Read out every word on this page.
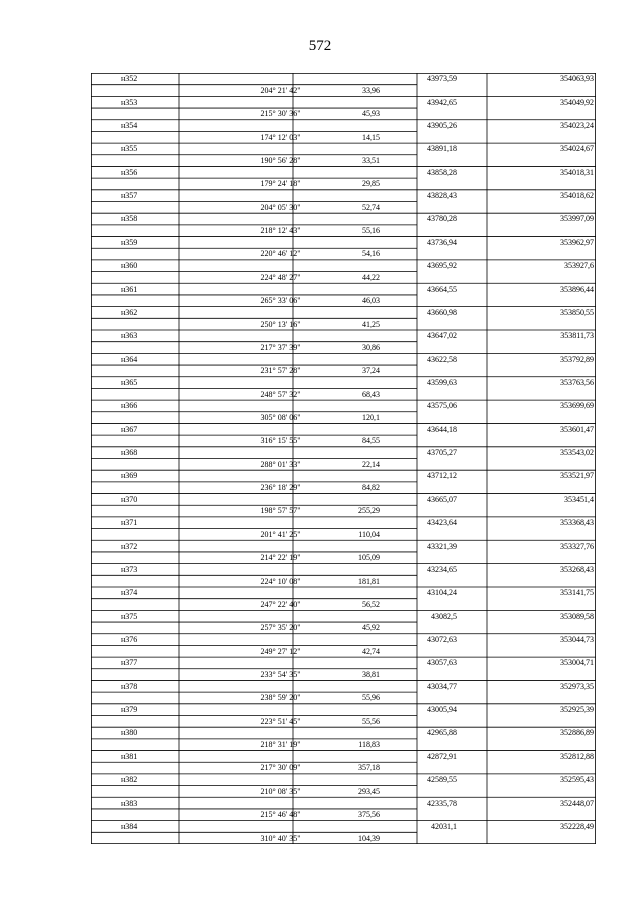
572
н352	43973,59	354063,93
204° 21' 42"	33,96
н353	43942,65	354049,92
215° 30' 36"	45,93
н354	43905,26	354023,24
174° 12' 03"	14,15
н355	43891,18	354024,67
190° 56' 28"	33,51
н356	43858,28	354018,31
179° 24' 18"	29,85
н357	43828,43	354018,62
204° 05' 30"	52,74
н358	43780,28	353997,09
218° 12' 43"	55,16
н359	43736,94	353962,97
220° 46' 12"	54,16
н360	43695,92	353927,6
224° 48' 27"	44,22
н361	43664,55	353896,44
265° 33' 06"	46,03
н362	43660,98	353850,55
250° 13' 16"	41,25
н363	43647,02	353811,73
217° 37' 39"	30,86
н364	43622,58	353792,89
231° 57' 28"	37,24
н365	43599,63	353763,56
248° 57' 32"	68,43
н366	43575,06	353699,69
305° 08' 06"	120,1
н367	43644,18	353601,47
316° 15' 55"	84,55
н368	43705,27	353543,02
288° 01' 33"	22,14
н369	43712,12	353521,97
236° 18' 29"	84,82
н370	43665,07	353451,4
198° 57' 57"	255,29
н371	43423,64	353368,43
201° 41' 25"	110,04
н372	43321,39	353327,76
214° 22' 19"	105,09
н373	43234,65	353268,43
224° 10' 08"	181,81
н374	43104,24	353141,75
247° 22' 40"	56,52
н375	43082,5	353089,58
257° 35' 20"	45,92
н376	43072,63	353044,73
249° 27' 12"	42,74
н377	43057,63	353004,71
233° 54' 35"	38,81
н378	43034,77	352973,35
238° 59' 20"	55,96
н379	43005,94	352925,39
223° 51' 45"	55,56
н380	42965,88	352886,89
218° 31' 19"	118,83
н381	42872,91	352812,88
217° 30' 09"	357,18
н382	42589,55	352595,43
210° 08' 35"	293,45
н383	42335,78	352448,07
215° 46' 48"	375,56
н384	42031,1	352228,49
310° 40' 35"	104,39
